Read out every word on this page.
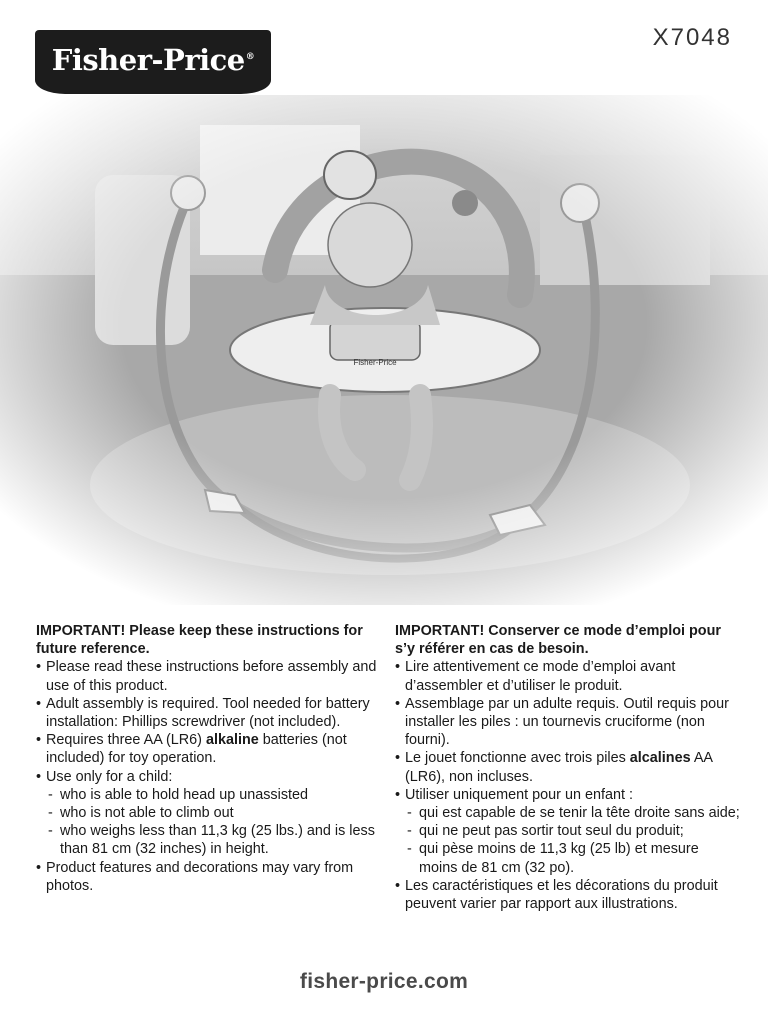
Fisher-Price®
X7048

IMPORTANT! Please keep these instructions for future reference.

• Please read these instructions before assembly and use of this product.
• Adult assembly is required. Tool needed for battery installation: Phillips screwdriver (not included).
• Requires three AA (LR6) alkaline batteries (not included) for toy operation.
• Use only for a child:
- who is able to hold head up unassisted
- who is not able to climb out
- who weighs less than 11,3 kg (25 lbs.) and is less than 81 cm (32 inches) in height.
• Product features and decorations may vary from photos.

IMPORTANT! Conserver ce mode d’emploi pour s’y référer en cas de besoin.

• Lire attentivement ce mode d’emploi avant d’assembler et d’utiliser le produit.
• Assemblage par un adulte requis. Outil requis pour installer les piles : un tournevis cruciforme (non fourni).
• Le jouet fonctionne avec trois piles alcalines AA (LR6), non incluses.
• Utiliser uniquement pour un enfant :
- qui est capable de se tenir la tête droite sans aide;
- qui ne peut pas sortir tout seul du produit;
- qui pèse moins de 11,3 kg (25 lb) et mesure moins de 81 cm (32 po).
• Les caractéristiques et les décorations du produit peuvent varier par rapport aux illustrations.
fisher-price.com
